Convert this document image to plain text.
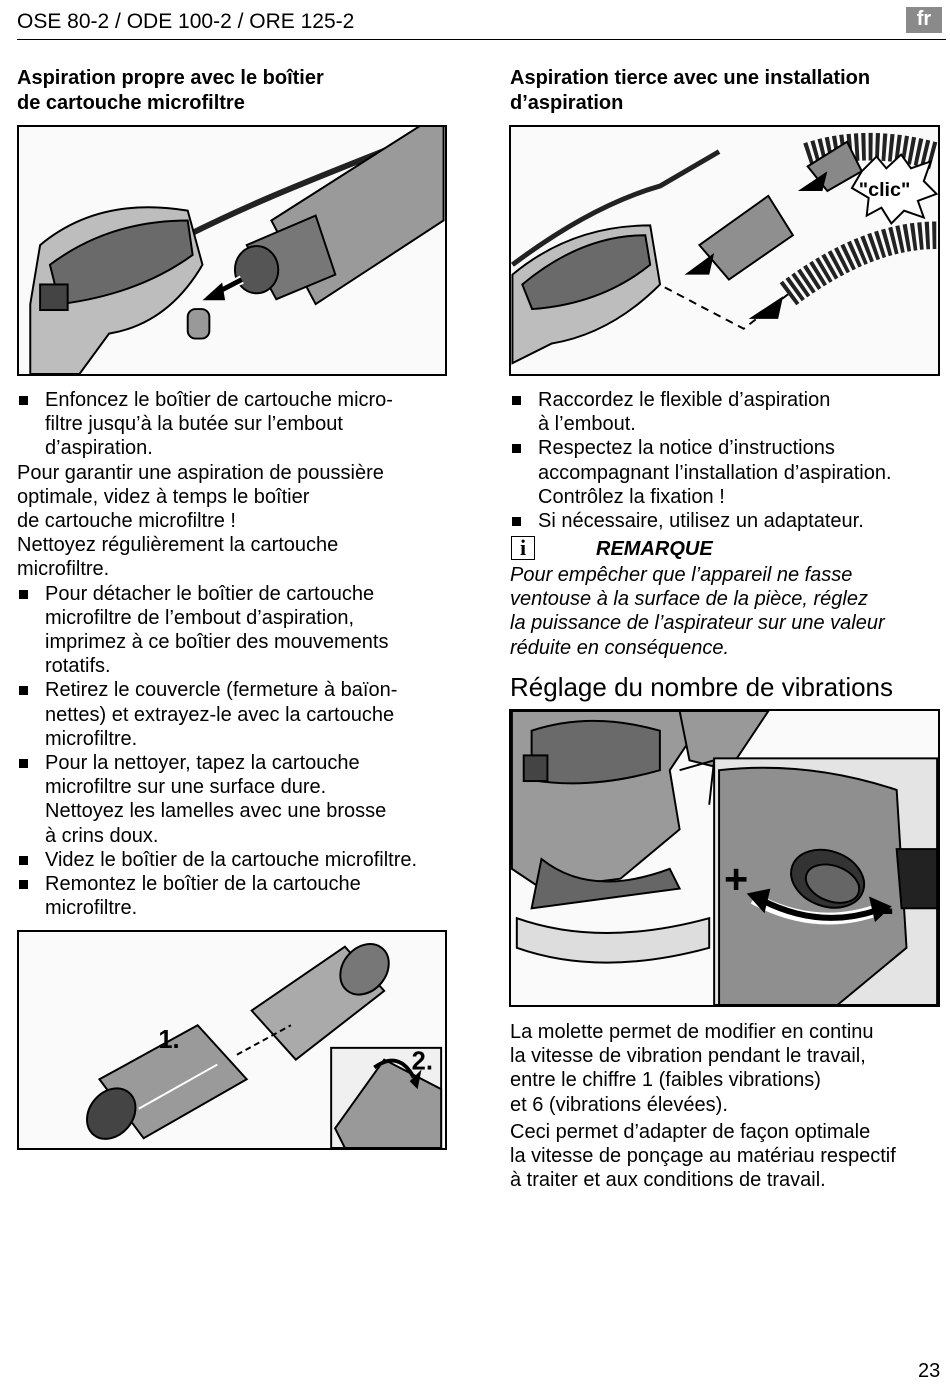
OSE 80-2 / ODE 100-2 / ORE 125-2	fr
Aspiration propre avec le boîtier
de cartouche microfiltre
Aspiration tierce avec une installation
d’aspiration
"clic"
Enfoncez le boîtier de cartouche micro-
filtre jusqu’à la butée sur l’embout
d’aspiration.
Pour garantir une aspiration de poussière
optimale, videz à temps le boîtier
de cartouche microfiltre !
Nettoyez régulièrement la cartouche
microfiltre.
Pour détacher le boîtier de cartouche
microfiltre de l’embout d’aspiration,
imprimez à ce boîtier des mouvements
rotatifs.
Retirez le couvercle (fermeture à baïon-
nettes) et extrayez-le avec la cartouche
microfiltre.
Pour la nettoyer, tapez la cartouche
microfiltre sur une surface dure.
Nettoyez les lamelles avec une brosse
à crins doux.
Videz le boîtier de la cartouche microfiltre.
Remontez le boîtier de la cartouche
microfiltre.
1.
2.
Raccordez le flexible d’aspiration
à l’embout.
Respectez la notice d’instructions
accompagnant l’installation d’aspiration.
Contrôlez la fixation !
Si nécessaire, utilisez un adaptateur.
i	REMARQUE
Pour empêcher que l’appareil ne fasse
ventouse à la surface de la pièce, réglez
la puissance de l’aspirateur sur une valeur
réduite en conséquence.
Réglage du nombre de vibrations
+
-
La molette permet de modifier en continu
la vitesse de vibration pendant le travail,
entre le chiffre 1 (faibles vibrations)
et 6 (vibrations élevées).
Ceci permet d’adapter de façon optimale
la vitesse de ponçage au matériau respectif
à traiter et aux conditions de travail.
23
